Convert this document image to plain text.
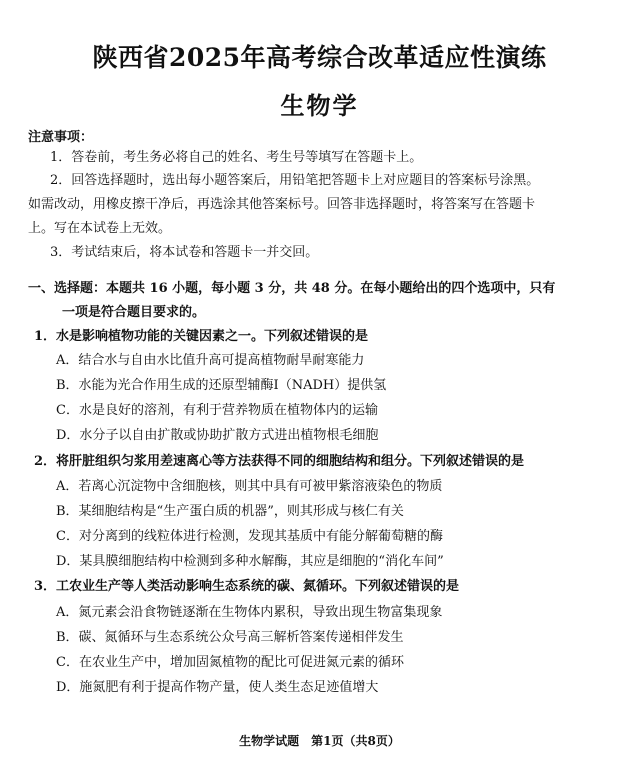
陕西省2025年高考综合改革适应性演练
生物学
注意事项：
1．答卷前，考生务必将自己的姓名、考生号等填写在答题卡上。
2．回答选择题时，选出每小题答案后，用铅笔把答题卡上对应题目的答案标号涂黑。
如需改动，用橡皮擦干净后，再选涂其他答案标号。回答非选择题时，将答案写在答题卡
上。写在本试卷上无效。
3．考试结束后，将本试卷和答题卡一并交回。
一、选择题：本题共 16 小题，每小题 3 分，共 48 分。在每小题给出的四个选项中，只有
一项是符合题目要求的。
1．水是影响植物功能的关键因素之一。下列叙述错误的是
A．结合水与自由水比值升高可提高植物耐旱耐寒能力
B．水能为光合作用生成的还原型辅酶Ⅰ（NADH）提供氢
C．水是良好的溶剂，有利于营养物质在植物体内的运输
D．水分子以自由扩散或协助扩散方式进出植物根毛细胞
2．将肝脏组织匀浆用差速离心等方法获得不同的细胞结构和组分。下列叙述错误的是
A．若离心沉淀物中含细胞核，则其中具有可被甲紫溶液染色的物质
B．某细胞结构是“生产蛋白质的机器”，则其形成与核仁有关
C．对分离到的线粒体进行检测，发现其基质中有能分解葡萄糖的酶
D．某具膜细胞结构中检测到多种水解酶，其应是细胞的“消化车间”
3．工农业生产等人类活动影响生态系统的碳、氮循环。下列叙述错误的是
A．氮元素会沿食物链逐渐在生物体内累积，导致出现生物富集现象
B．碳、氮循环与生态系统公众号高三解析答案传递相伴发生
C．在农业生产中，增加固氮植物的配比可促进氮元素的循环
D．施氮肥有利于提高作物产量，使人类生态足迹值增大
生物学试题　第1页（共8页）
